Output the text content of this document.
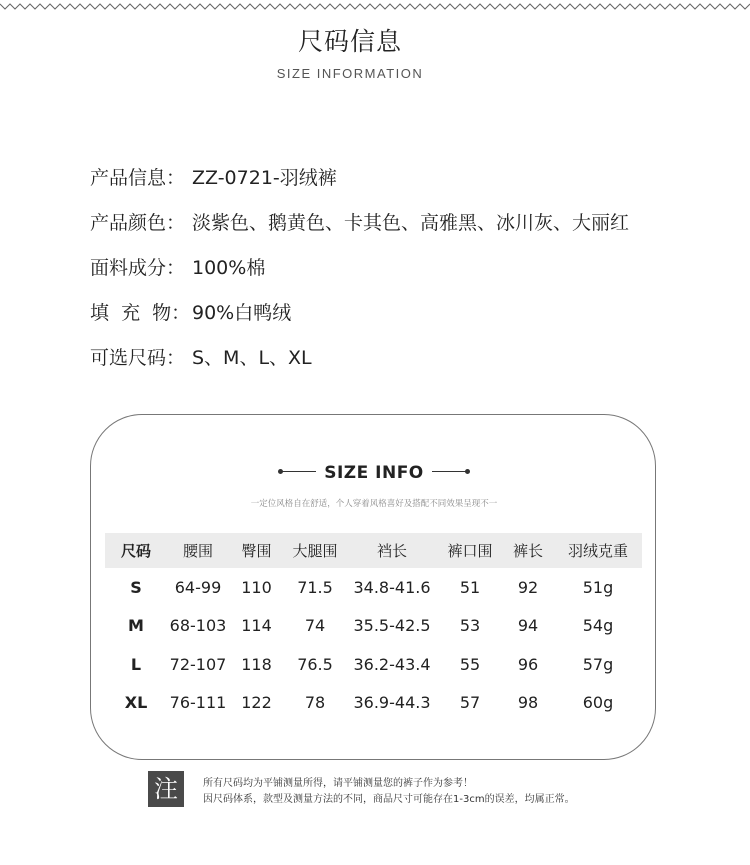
尺码信息
SIZE INFORMATION
产品信息： ZZ-0721-羽绒裤
产品颜色： 淡紫色、鹅黄色、卡其色、高雅黑、冰川灰、大丽红
面料成分： 100%棉
填  充  物：90%白鸭绒
可选尺码： S、M、L、XL
SIZE INFO
一定位风格自在舒适，个人穿着风格喜好及搭配不同效果呈现不一
尺码	腰围	臀围	大腿围	裆长	裤口围	裤长	羽绒克重
S	64-99	110	71.5	34.8-41.6	51	92	51g
M	68-103	114	74	35.5-42.5	53	94	54g
L	72-107	118	76.5	36.2-43.4	55	96	57g
XL	76-111	122	78	36.9-44.3	57	98	60g
注	所有尺码均为平铺测量所得，请平铺测量您的裤子作为参考！
因尺码体系，款型及测量方法的不同，商品尺寸可能存在1-3cm的误差，均属正常。
